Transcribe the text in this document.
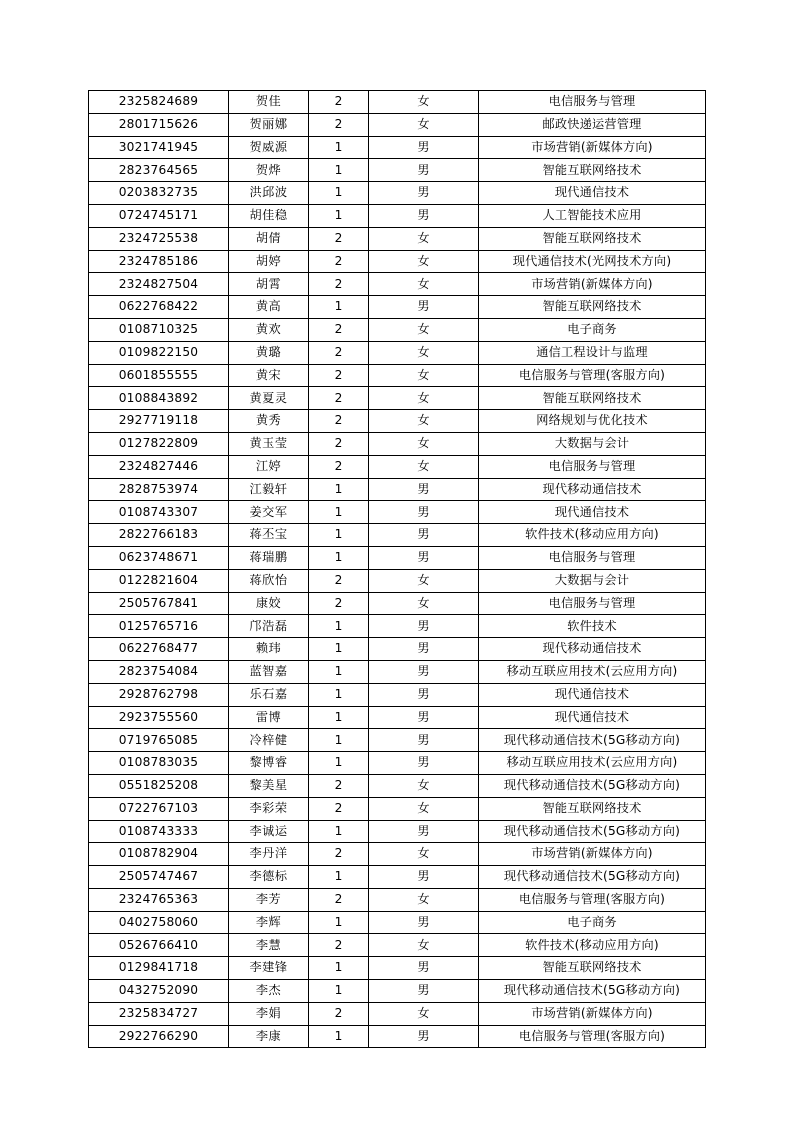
2325824689	贺佳	2	女	电信服务与管理
2801715626	贺丽娜	2	女	邮政快递运营管理
3021741945	贺威源	1	男	市场营销(新媒体方向)
2823764565	贺烨	1	男	智能互联网络技术
0203832735	洪邱波	1	男	现代通信技术
0724745171	胡佳稳	1	男	人工智能技术应用
2324725538	胡倩	2	女	智能互联网络技术
2324785186	胡婷	2	女	现代通信技术(光网技术方向)
2324827504	胡霄	2	女	市场营销(新媒体方向)
0622768422	黄高	1	男	智能互联网络技术
0108710325	黄欢	2	女	电子商务
0109822150	黄璐	2	女	通信工程设计与监理
0601855555	黄宋	2	女	电信服务与管理(客服方向)
0108843892	黄夏灵	2	女	智能互联网络技术
2927719118	黄秀	2	女	网络规划与优化技术
0127822809	黄玉莹	2	女	大数据与会计
2324827446	江婷	2	女	电信服务与管理
2828753974	江毅轩	1	男	现代移动通信技术
0108743307	姜交军	1	男	现代通信技术
2822766183	蒋丕宝	1	男	软件技术(移动应用方向)
0623748671	蒋瑞鹏	1	男	电信服务与管理
0122821604	蒋欣怡	2	女	大数据与会计
2505767841	康姣	2	女	电信服务与管理
0125765716	邝浩磊	1	男	软件技术
0622768477	赖玮	1	男	现代移动通信技术
2823754084	蓝智嘉	1	男	移动互联应用技术(云应用方向)
2928762798	乐石嘉	1	男	现代通信技术
2923755560	雷博	1	男	现代通信技术
0719765085	冷梓健	1	男	现代移动通信技术(5G移动方向)
0108783035	黎博睿	1	男	移动互联应用技术(云应用方向)
0551825208	黎美星	2	女	现代移动通信技术(5G移动方向)
0722767103	李彩荣	2	女	智能互联网络技术
0108743333	李诚运	1	男	现代移动通信技术(5G移动方向)
0108782904	李丹洋	2	女	市场营销(新媒体方向)
2505747467	李德标	1	男	现代移动通信技术(5G移动方向)
2324765363	李芳	2	女	电信服务与管理(客服方向)
0402758060	李辉	1	男	电子商务
0526766410	李慧	2	女	软件技术(移动应用方向)
0129841718	李建锋	1	男	智能互联网络技术
0432752090	李杰	1	男	现代移动通信技术(5G移动方向)
2325834727	李娟	2	女	市场营销(新媒体方向)
2922766290	李康	1	男	电信服务与管理(客服方向)
